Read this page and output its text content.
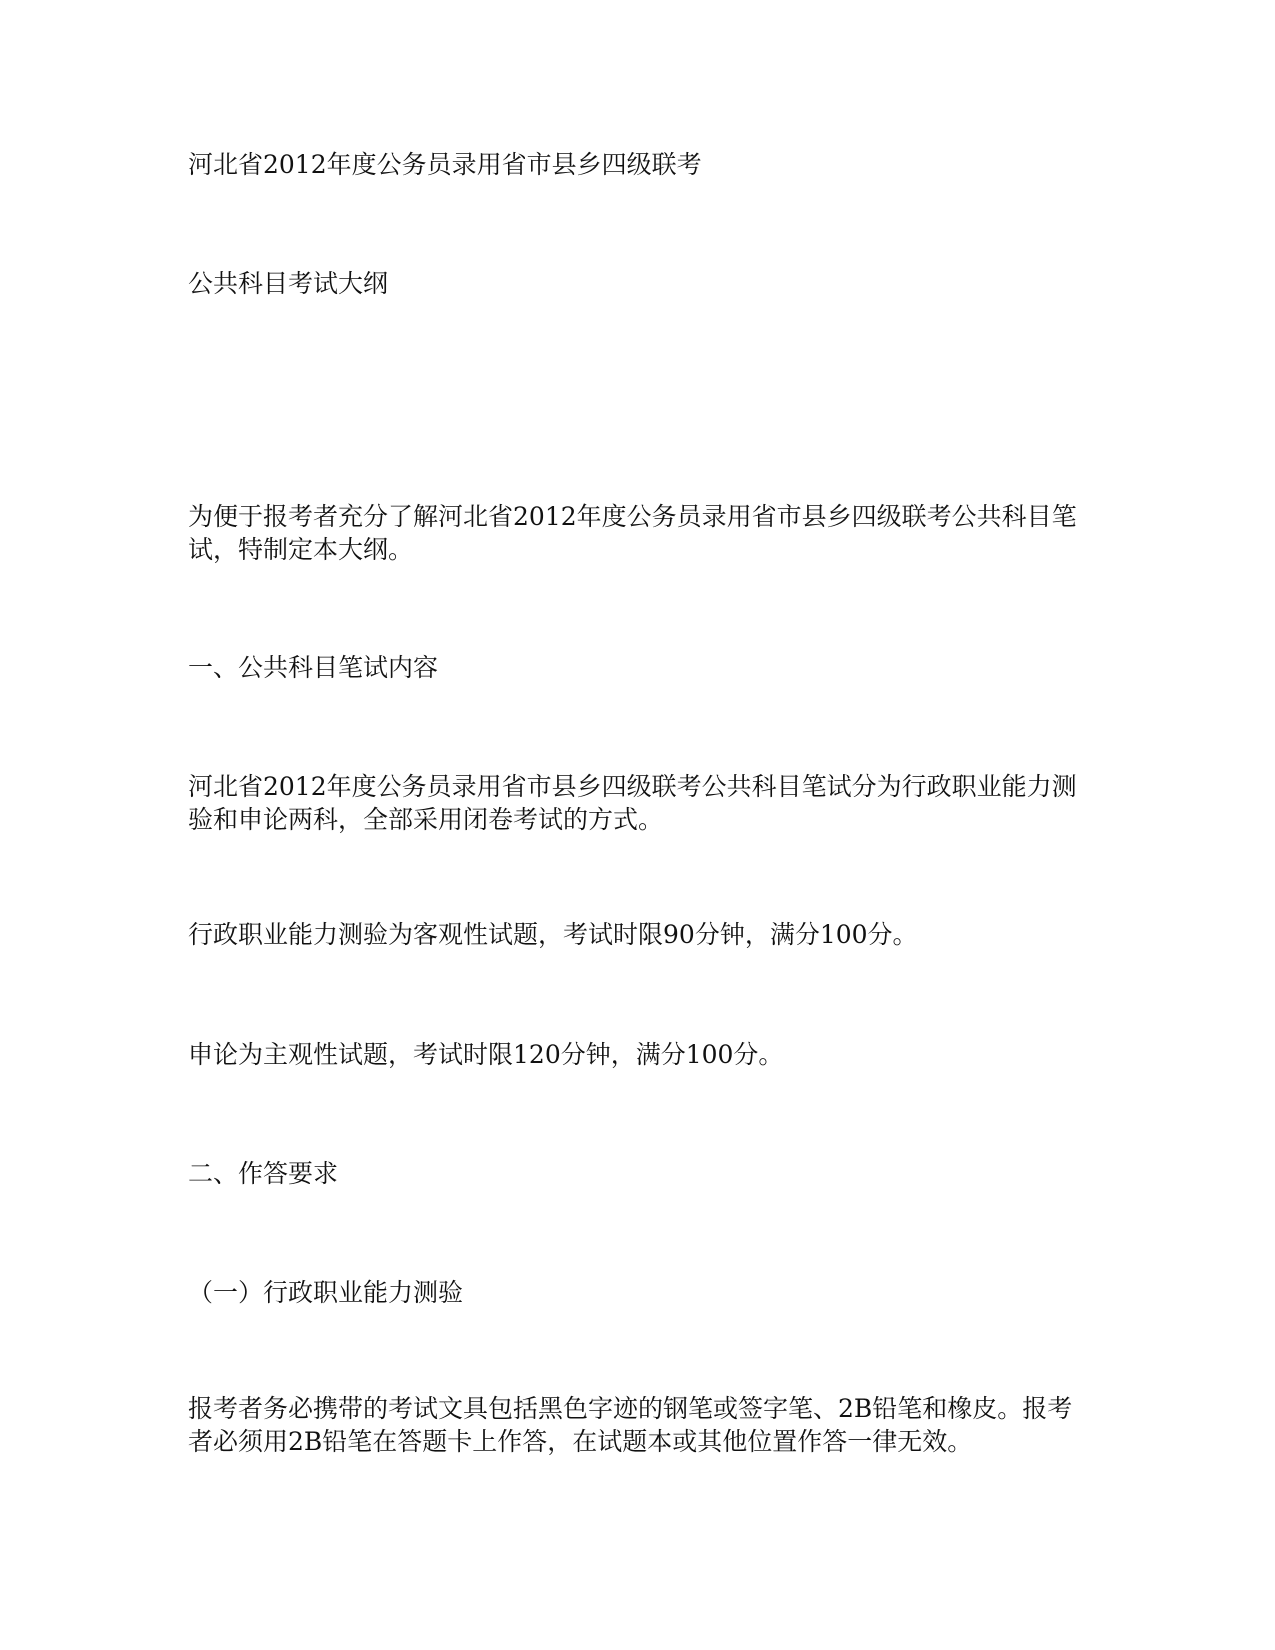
河北省2012年度公务员录用省市县乡四级联考
公共科目考试大纲
为便于报考者充分了解河北省2012年度公务员录用省市县乡四级联考公共科目笔试，特制定本大纲。
一、公共科目笔试内容
河北省2012年度公务员录用省市县乡四级联考公共科目笔试分为行政职业能力测验和申论两科，全部采用闭卷考试的方式。
行政职业能力测验为客观性试题，考试时限90分钟，满分100分。
申论为主观性试题，考试时限120分钟，满分100分。
二、作答要求
（一）行政职业能力测验
报考者务必携带的考试文具包括黑色字迹的钢笔或签字笔、2B铅笔和橡皮。报考者必须用2B铅笔在答题卡上作答，在试题本或其他位置作答一律无效。
